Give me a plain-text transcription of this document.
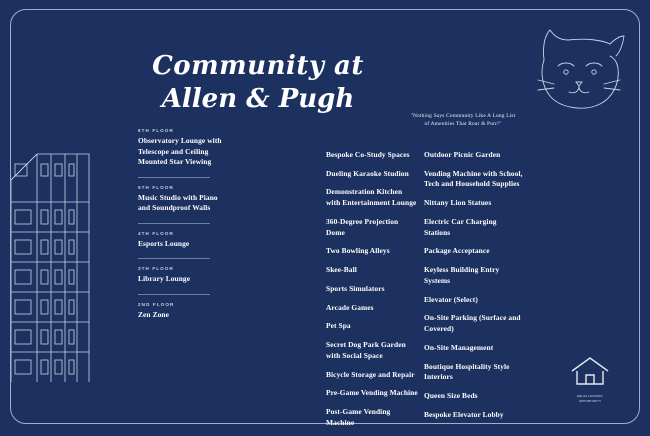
Community at
Allen & Pugh
"Nothing Says Community Like A Long List of Amenities That Roar & Purr!"
6TH FLOOR
Observatory Lounge with Telescope and Ceiling Mounted Star Viewing
5TH FLOOR
Music Studio with Piano and Soundproof Walls
4TH FLOOR
Esports Lounge
3TH FLOOR
Library Lounge
2ND FLOOR
Zen Zone
Bespoke Co-Study Spaces
Dueling Karaoke Studion
Demonstration Kitchen with Entertainment Lounge
360-Degree Projection Dome
Two Bowling Alleys
Skee-Ball
Sports Simulators
Arcade Games
Pet Spa
Secret Dog Park Garden with Social Space
Bicycle Storage and Repair
Pre-Game Vending Machine
Post-Game Vending Machine
Outdoor Picnic Garden
Vending Machine with School, Tech and Household Supplies
Nittany Lion Statues
Electric Car Charging Stations
Package Acceptance
Keyless Building Entry Systems
Elevator (Select)
On-Site Parking (Surface and Covered)
On-Site Management
Boutique Hospitality Style Interiors
Queen Size Beds
Bespoke Elevator Lobby
EQUAL HOUSING
OPPORTUNITY
